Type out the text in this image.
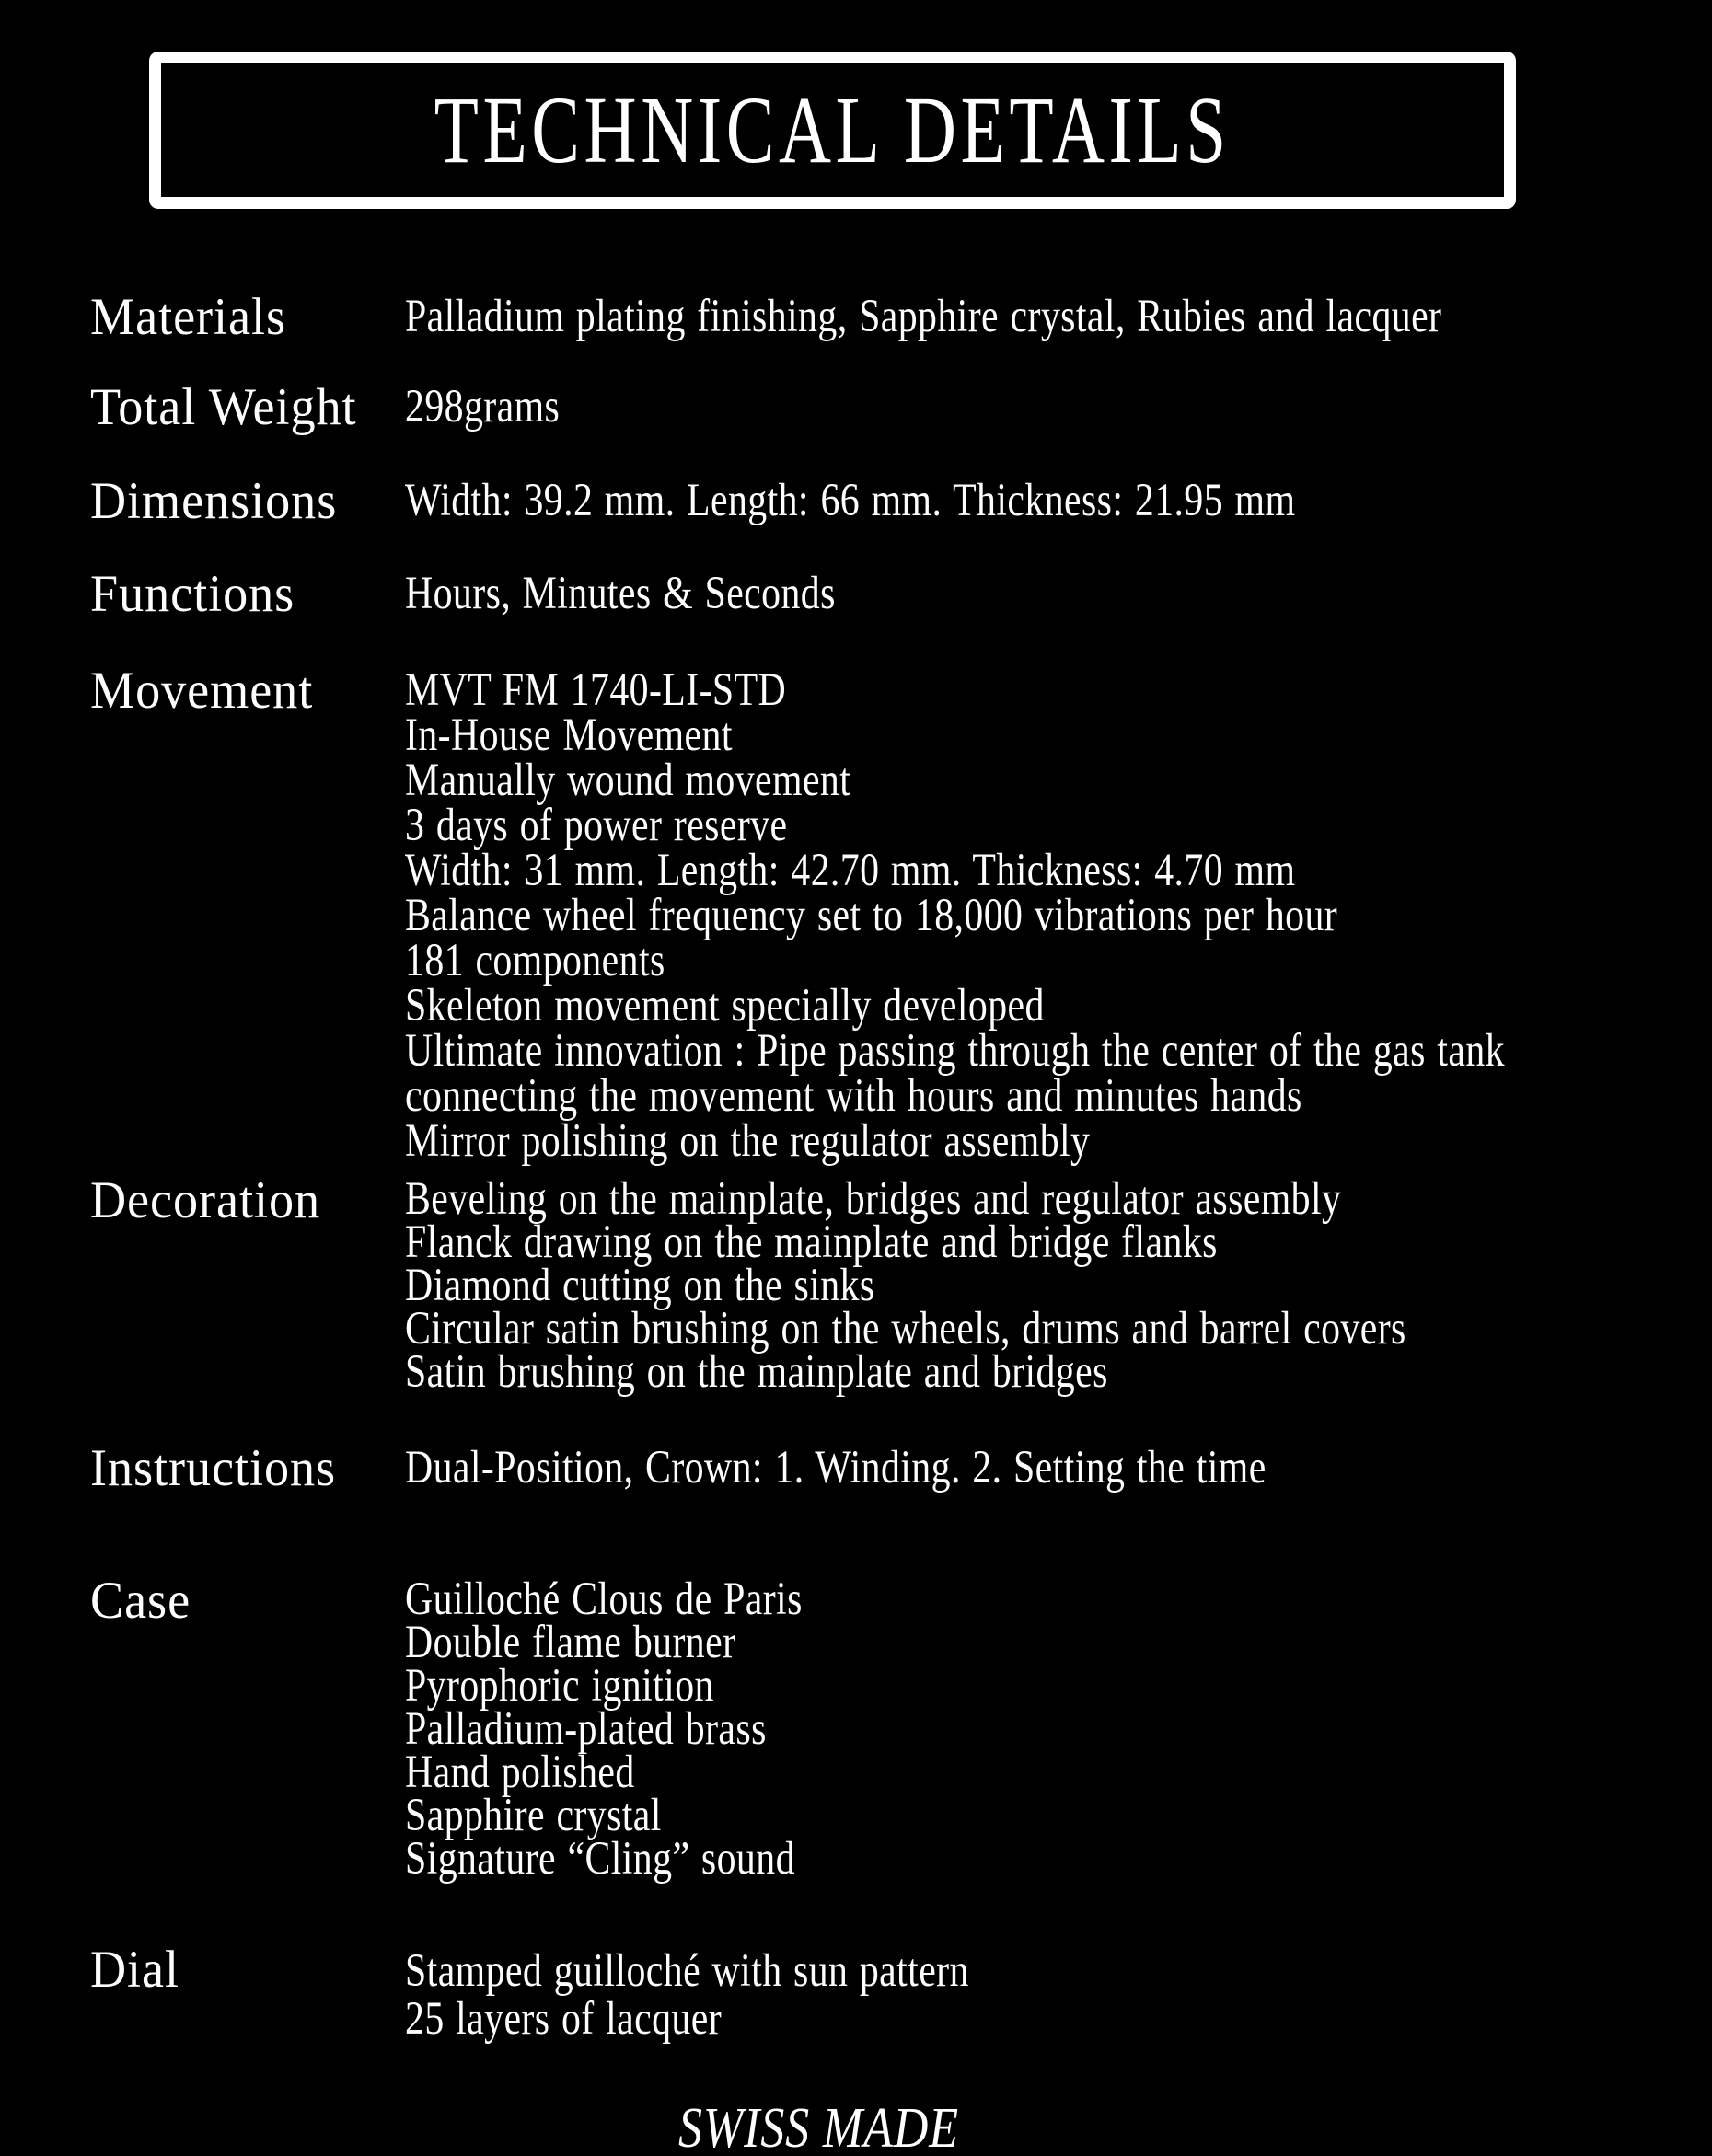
TECHNICAL DETAILS
Materials	Palladium plating finishing, Sapphire crystal, Rubies and lacquer
Total Weight 298grams
Dimensions Width: 39.2 mm. Length: 66 mm. Thickness: 21.95 mm
Functions Hours, Minutes & Seconds
Movement MVT FM 1740-LI-STD
In-House Movement
Manually wound movement
3 days of power reserve
Width: 31 mm. Length: 42.70 mm. Thickness: 4.70 mm
Balance wheel frequency set to 18,000 vibrations per hour
181 components
Skeleton movement specially developed
Ultimate innovation : Pipe passing through the center of the gas tank
connecting the movement with hours and minutes hands
Mirror polishing on the regulator assembly
Decoration Beveling on the mainplate, bridges and regulator assembly
Flanck drawing on the mainplate and bridge flanks
Diamond cutting on the sinks
Circular satin brushing on the wheels, drums and barrel covers
Satin brushing on the mainplate and bridges
Instructions Dual-Position, Crown: 1. Winding. 2. Setting the time
Case	Guilloché Clous de Paris
Double flame burner
Pyrophoric ignition
Palladium-plated brass
Hand polished
Sapphire crystal
Signature “Cling” sound
Dial	Stamped guilloché with sun pattern
25 layers of lacquer
SWISS MADE
